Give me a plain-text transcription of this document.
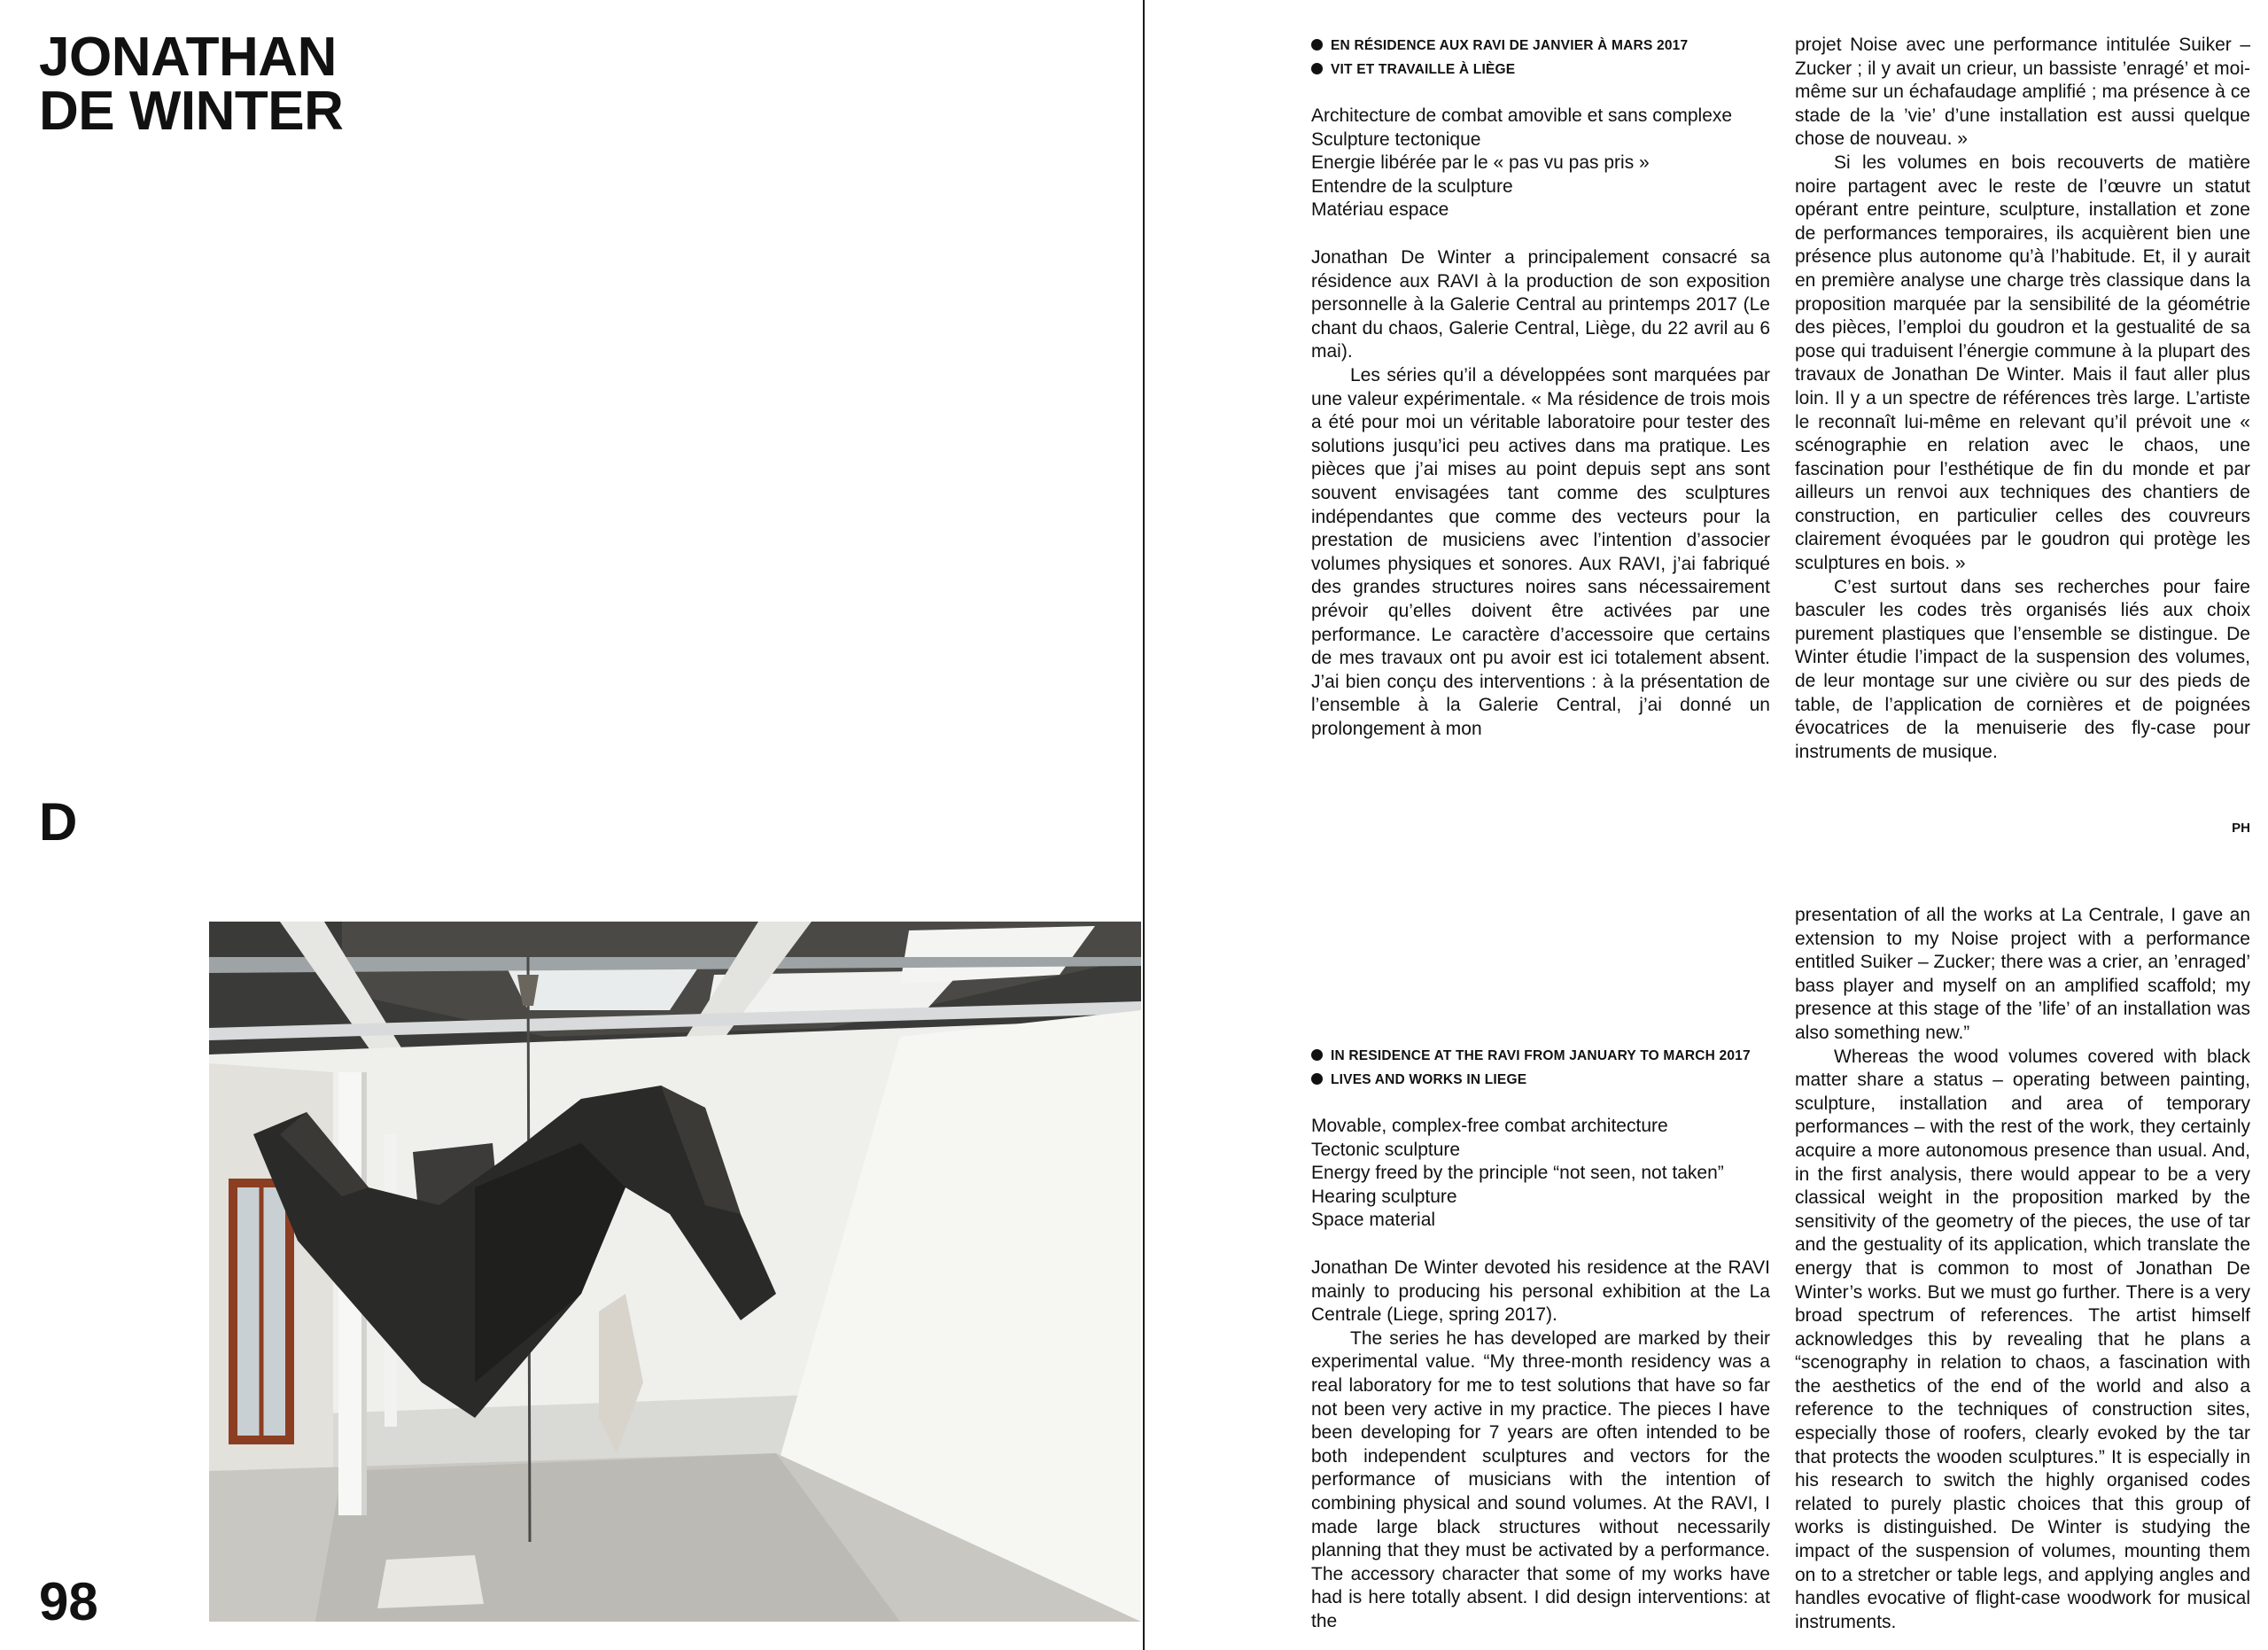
JONATHAN
DE WINTER
D
98
EN RÉSIDENCE AUX RAVI DE JANVIER À MARS 2017
VIT ET TRAVAILLE À LIÈGE
Architecture de combat amovible et sans complexe
Sculpture tectonique
Energie libérée par le « pas vu pas pris »
Entendre de la sculpture
Matériau espace

Jonathan De Winter a principalement consacré sa résidence aux RAVI à la production de son exposition personnelle à la Galerie Central au printemps 2017 (Le chant du chaos, Galerie Central, Liège, du 22 avril au 6 mai).

Les séries qu’il a développées sont marquées par une valeur expérimentale. « Ma résidence de trois mois a été pour moi un véritable laboratoire pour tester des solutions jusqu’ici peu actives dans ma pratique. Les pièces que j’ai mises au point depuis sept ans sont souvent envisagées tant comme des sculptures indépendantes que comme des vecteurs pour la prestation de musiciens avec l’intention d’associer volumes physiques et sonores. Aux RAVI, j’ai fabriqué des grandes structures noires sans nécessairement prévoir qu’elles doivent être activées par une performance. Le caractère d’accessoire que certains de mes travaux ont pu avoir est ici totalement absent. J’ai bien conçu des interventions : à la présentation de l’ensemble à la Galerie Central, j’ai donné un prolongement à mon

projet Noise avec une performance intitulée Suiker – Zucker ; il y avait un crieur, un bassiste ’enragé’ et moi-même sur un échafaudage amplifié ; ma présence à ce stade de la ’vie’ d’une installation est aussi quelque chose de nouveau. »

Si les volumes en bois recouverts de matière noire partagent avec le reste de l’œuvre un statut opérant entre peinture, sculpture, installation et zone de performances temporaires, ils acquièrent bien une présence plus autonome qu’à l’habitude. Et, il y aurait en première analyse une charge très classique dans la proposition marquée par la sensibilité de la géométrie des pièces, l’emploi du goudron et la gestualité de sa pose qui traduisent l’énergie commune à la plupart des travaux de Jonathan De Winter. Mais il faut aller plus loin. Il y a un spectre de références très large. L’artiste le reconnaît lui-même en relevant qu’il prévoit une « scénographie en relation avec le chaos, une fascination pour l’esthétique de fin du monde et par ailleurs un renvoi aux techniques des chantiers de construction, en particulier celles des couvreurs clairement évoquées par le goudron qui protège les sculptures en bois. »

C’est surtout dans ses recherches pour faire basculer les codes très organisés liés aux choix purement plastiques que l’ensemble se distingue. De Winter étudie l’impact de la suspension des volumes, de leur montage sur une civière ou sur des pieds de table, de l’application de cornières et de poignées évocatrices de la menuiserie des fly-case pour instruments de musique.

PH
IN RESIDENCE AT THE RAVI FROM JANUARY TO MARCH 2017
LIVES AND WORKS IN LIEGE
Movable, complex-free combat architecture
Tectonic sculpture
Energy freed by the principle “not seen, not taken”
Hearing sculpture
Space material

Jonathan De Winter devoted his residence at the RAVI mainly to producing his personal exhibition at the La Centrale (Liege, spring 2017).

The series he has developed are marked by their experimental value. “My three-month residency was a real laboratory for me to test solutions that have so far not been very active in my practice. The pieces I have been developing for 7 years are often intended to be both independent sculptures and vectors for the performance of musicians with the intention of combining physical and sound volumes. At the RAVI, I made large black structures without necessarily planning that they must be activated by a performance. The accessory character that some of my works have had is here totally absent. I did design interventions: at the

presentation of all the works at La Centrale, I gave an extension to my Noise project with a performance entitled Suiker – Zucker; there was a crier, an ’enraged’ bass player and myself on an amplified scaffold; my presence at this stage of the ’life’ of an installation was also something new.”

Whereas the wood volumes covered with black matter share a status – operating between painting, sculpture, installation and area of temporary performances – with the rest of the work, they certainly acquire a more autonomous presence than usual. And, in the first analysis, there would appear to be a very classical weight in the proposition marked by the sensitivity of the geometry of the pieces, the use of tar and the gestuality of its application, which translate the energy that is common to most of Jonathan De Winter’s works. But we must go further. There is a very broad spectrum of references. The artist himself acknowledges this by revealing that he plans a “scenography in relation to chaos, a fascination with the aesthetics of the end of the world and also a reference to the techniques of construction sites, especially those of roofers, clearly evoked by the tar that protects the wooden sculptures.” It is especially in his research to switch the highly organised codes related to purely plastic choices that this group of works is distinguished. De Winter is studying the impact of the suspension of volumes, mounting them on to a stretcher or table legs, and applying angles and handles evocative of flight-case woodwork for musical instruments.
